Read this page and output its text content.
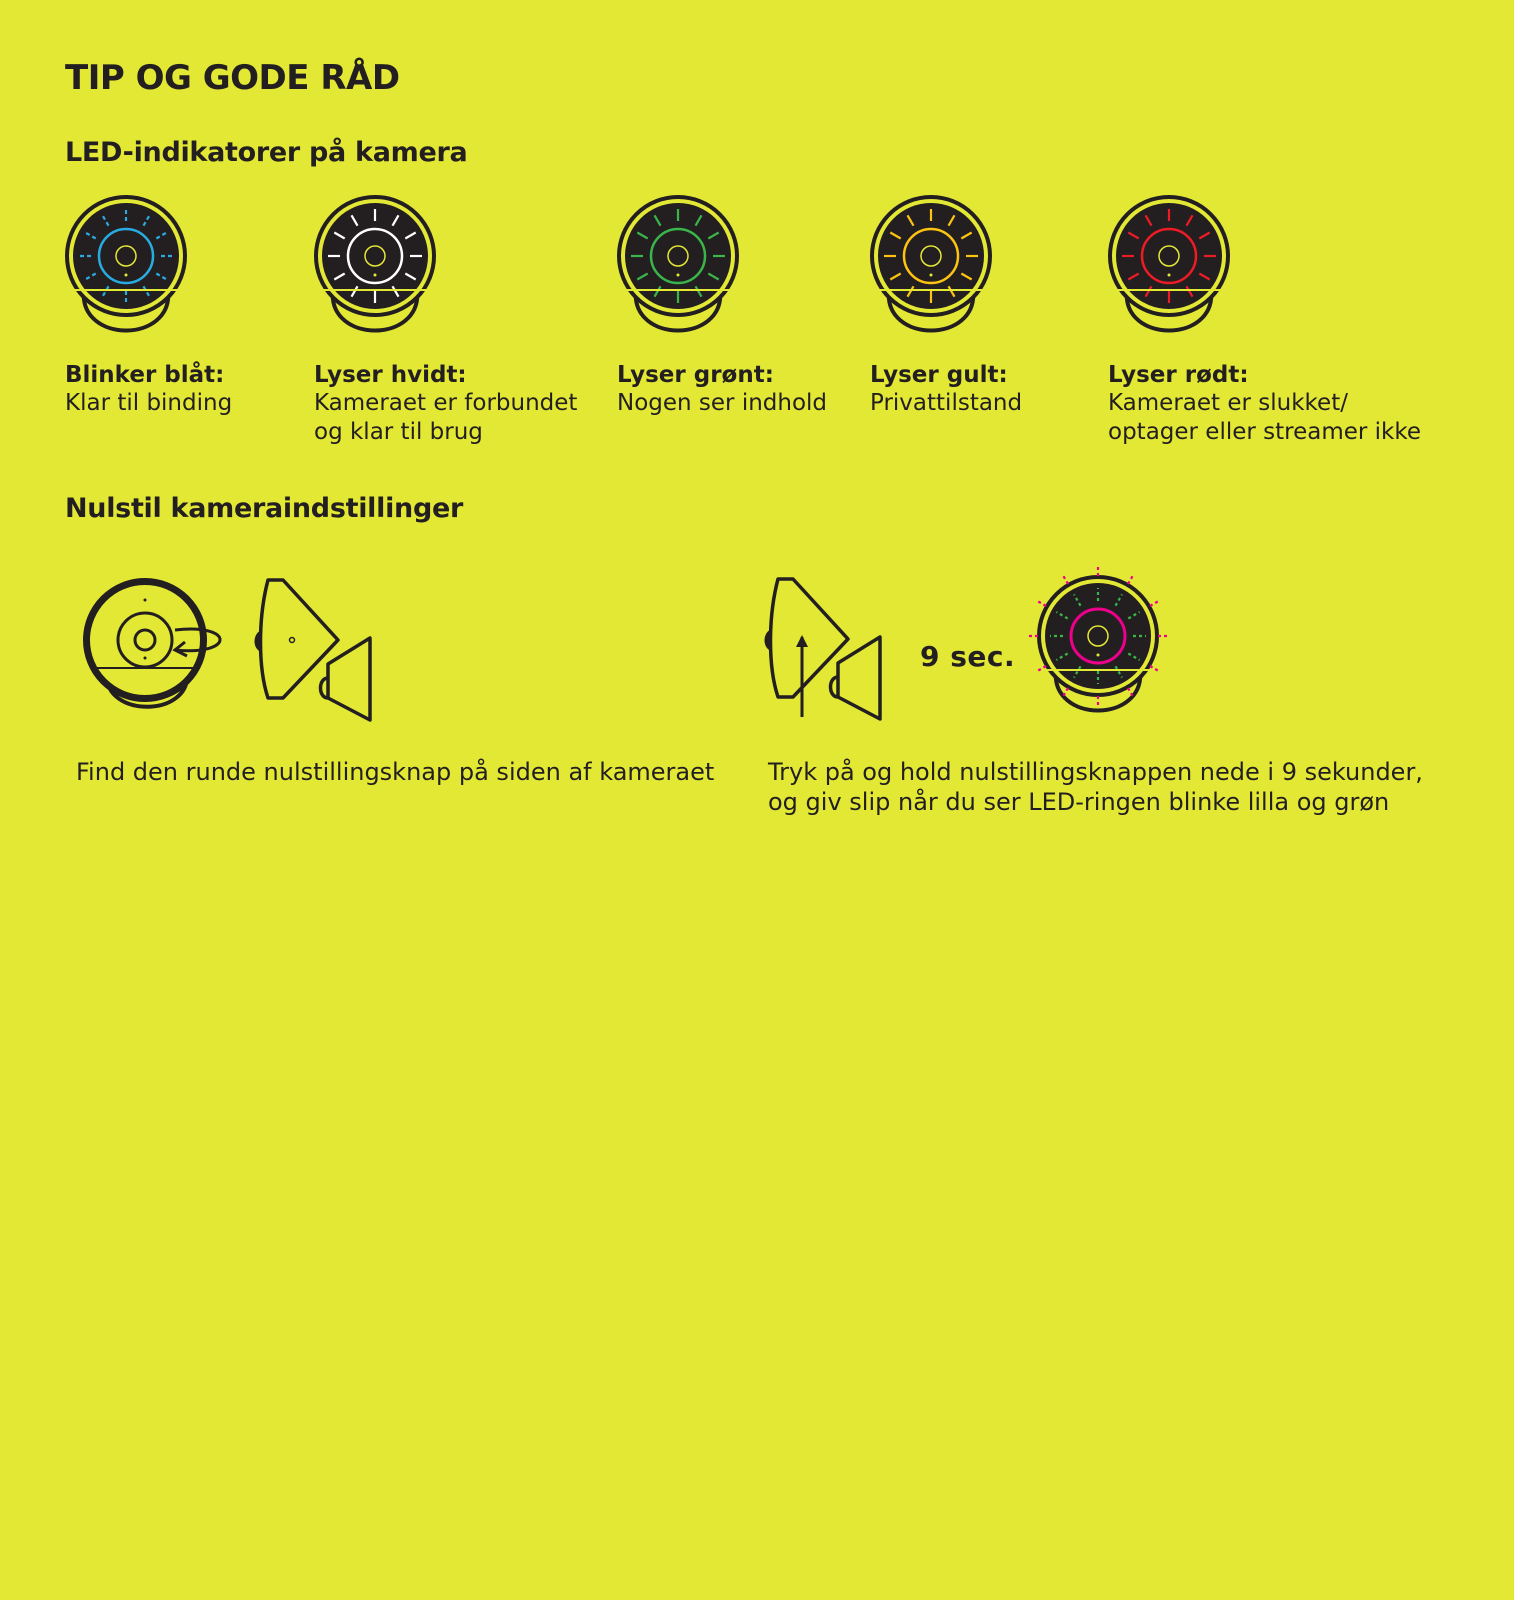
TIP OG GODE RÅD
LED-indikatorer på kamera
Blinker blåt:
Klar til binding
Lyser hvidt:
Kameraet er forbundet
og klar til brug
Lyser grønt:
Nogen ser indhold
Lyser gult:
Privattilstand
Lyser rødt:
Kameraet er slukket/
optager eller streamer ikke
Nulstil kameraindstillinger
9 sec.
Find den runde nulstillingsknap på siden af kameraet Tryk på og hold nulstillingsknappen nede i 9 sekunder,
og giv slip når du ser LED-ringen blinke lilla og grøn
